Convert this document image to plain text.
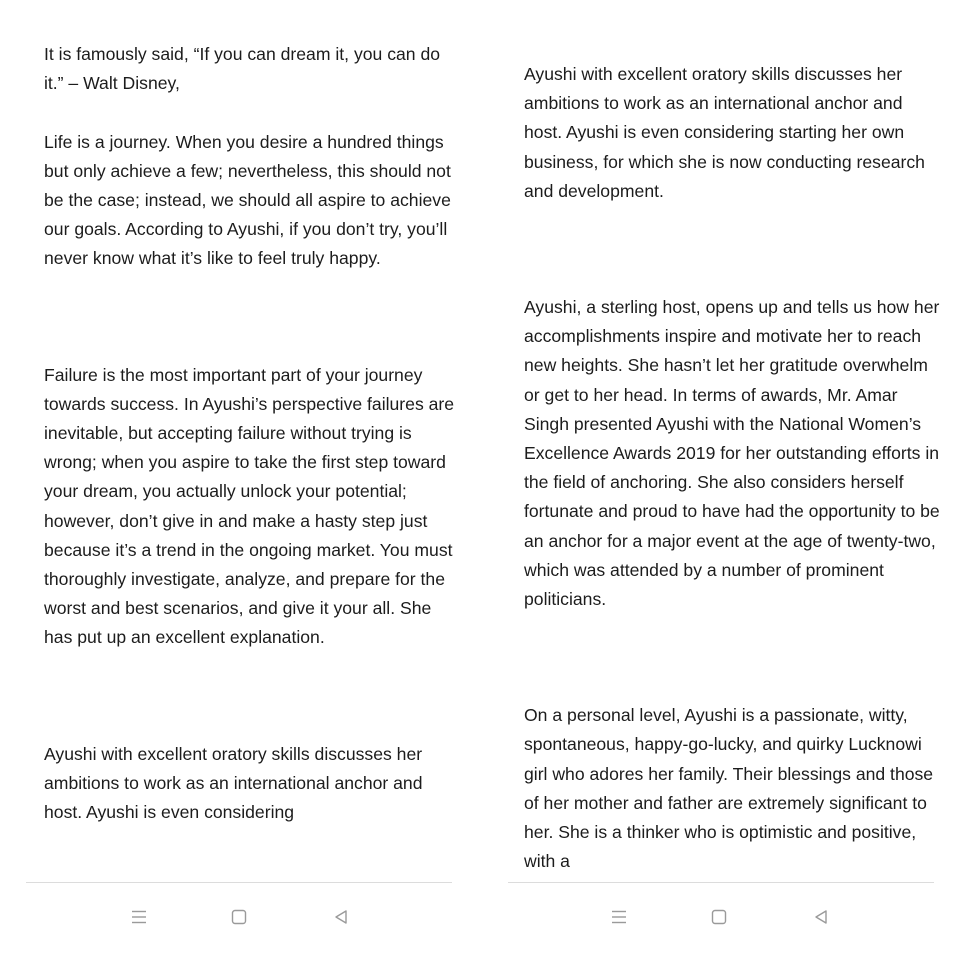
It is famously said, “If you can dream it, you can do it.” – Walt Disney,

Life is a journey. When you desire a hundred things but only achieve a few; nevertheless, this should not be the case; instead, we should all aspire to achieve our goals. According to Ayushi, if you don’t try, you’ll never know what it’s like to feel truly happy.

Failure is the most important part of your journey towards success. In Ayushi’s perspective failures are inevitable, but accepting failure without trying is wrong; when you aspire to take the first step toward your dream, you actually unlock your potential; however, don’t give in and make a hasty step just because it’s a trend in the ongoing market. You must thoroughly investigate, analyze, and prepare for the worst and best scenarios, and give it your all. She has put up an excellent explanation.

Ayushi with excellent oratory skills discusses her ambitions to work as an international anchor and host. Ayushi is even considering

Ayushi with excellent oratory skills discusses her ambitions to work as an international anchor and host. Ayushi is even considering starting her own business, for which she is now conducting research and development.

Ayushi, a sterling host, opens up and tells us how her accomplishments inspire and motivate her to reach new heights. She hasn’t let her gratitude overwhelm or get to her head. In terms of awards, Mr. Amar Singh presented Ayushi with the National Women’s Excellence Awards 2019 for her outstanding efforts in the field of anchoring. She also considers herself fortunate and proud to have had the opportunity to be an anchor for a major event at the age of twenty-two, which was attended by a number of prominent politicians.

On a personal level, Ayushi is a passionate, witty, spontaneous, happy-go-lucky, and quirky Lucknowi girl who adores her family. Their blessings and those of her mother and father are extremely significant to her. She is a thinker who is optimistic and positive, with a
